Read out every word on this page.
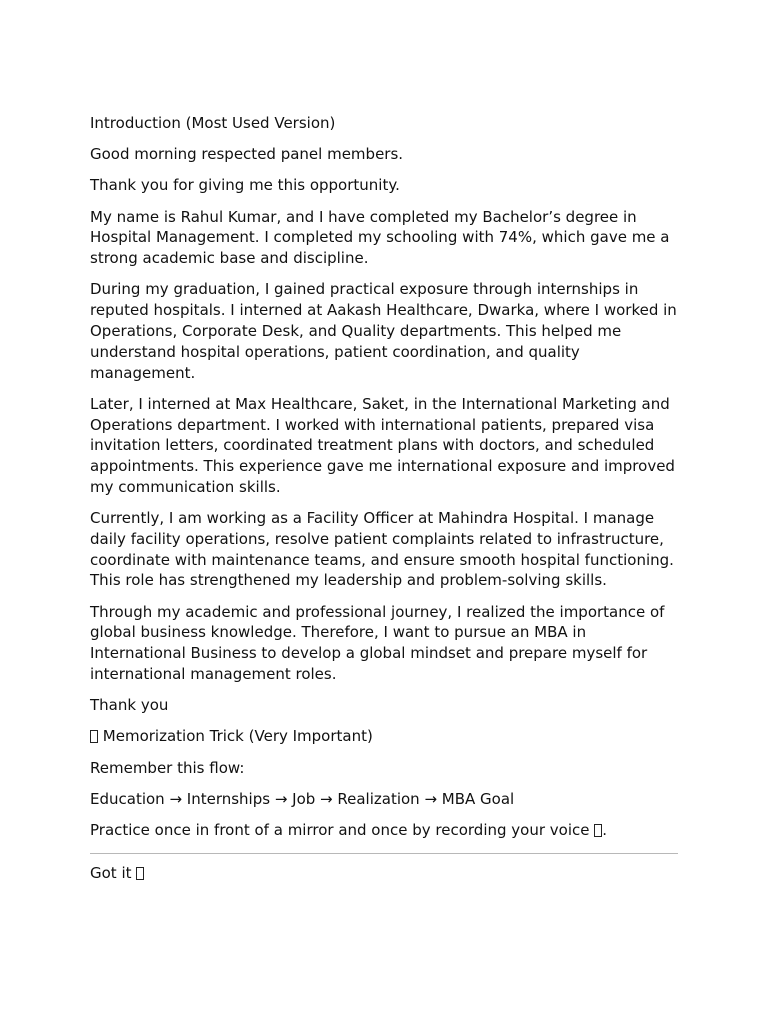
Introduction (Most Used Version)

Good morning respected panel members.

Thank you for giving me this opportunity.

My name is Rahul Kumar, and I have completed my Bachelor’s degree in Hospital Management. I completed my schooling with 74%, which gave me a strong academic base and discipline.

During my graduation, I gained practical exposure through internships in reputed hospitals. I interned at Aakash Healthcare, Dwarka, where I worked in Operations, Corporate Desk, and Quality departments. This helped me understand hospital operations, patient coordination, and quality management.

Later, I interned at Max Healthcare, Saket, in the International Marketing and Operations department. I worked with international patients, prepared visa invitation letters, coordinated treatment plans with doctors, and scheduled appointments. This experience gave me international exposure and improved my communication skills.

Currently, I am working as a Facility Officer at Mahindra Hospital. I manage daily facility operations, resolve patient complaints related to infrastructure, coordinate with maintenance teams, and ensure smooth hospital functioning. This role has strengthened my leadership and problem-solving skills.

Through my academic and professional journey, I realized the importance of global business knowledge. Therefore, I want to pursue an MBA in International Business to develop a global mindset and prepare myself for international management roles.

Thank you

Memorization Trick (Very Important)

Remember this flow:

Education → Internships → Job → Realization → MBA Goal

Practice once in front of a mirror and once by recording your voice .

Got it
